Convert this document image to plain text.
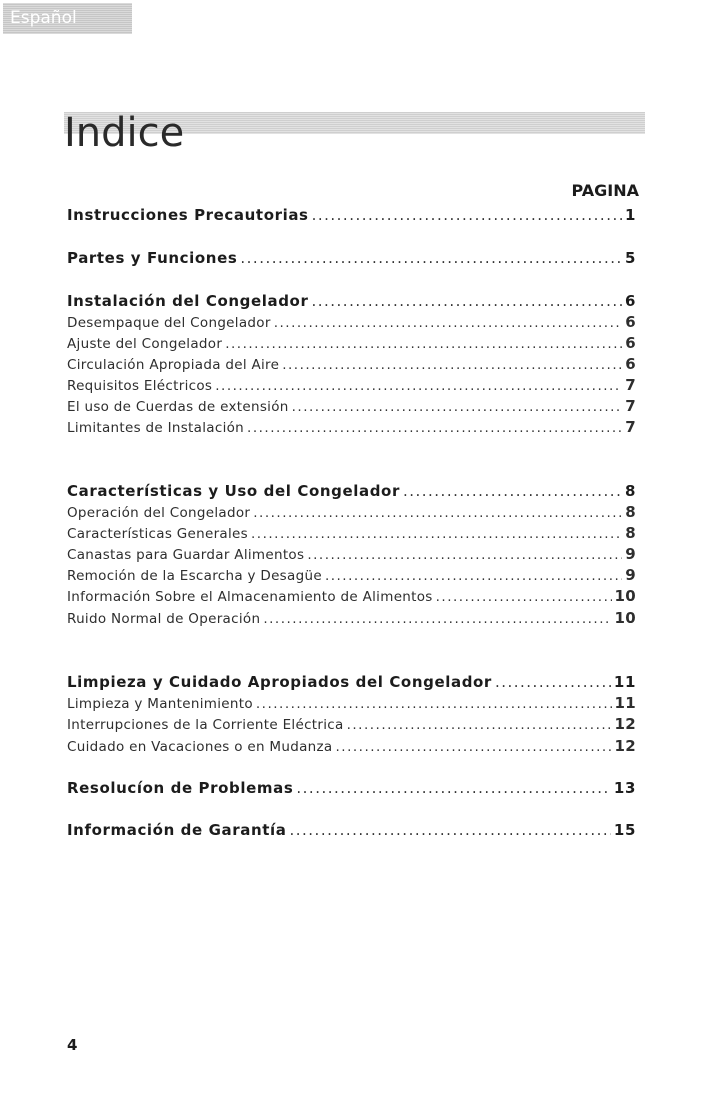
Español
Indice
PAGINA
Instrucciones Precautorias .....	1
Partes y Funciones .....	5
Instalación del Congelador .....	6
Desempaque del Congelador .....	6
Ajuste del Congelador .....	6
Circulación Apropiada del Aire .....	6
Requisitos Eléctricos .....	7
El uso de Cuerdas de extensión .....	7
Limitantes de Instalación .....	7
Características y Uso del Congelador .....	8
Operación del Congelador .....	8
Características Generales .....	8
Canastas para Guardar Alimentos .....	9
Remoción de la Escarcha y Desagüe .....	9
Información Sobre el Almacenamiento de Alimentos .....	10
Ruido Normal de Operación .....	10
Limpieza y Cuidado Apropiados del Congelador .....	11
Limpieza y Mantenimiento .....	11
Interrupciones de la Corriente Eléctrica .....	12
Cuidado en Vacaciones o en Mudanza .....	12
Resolucíon de Problemas .....	13
Información de Garantía .....	15
4
